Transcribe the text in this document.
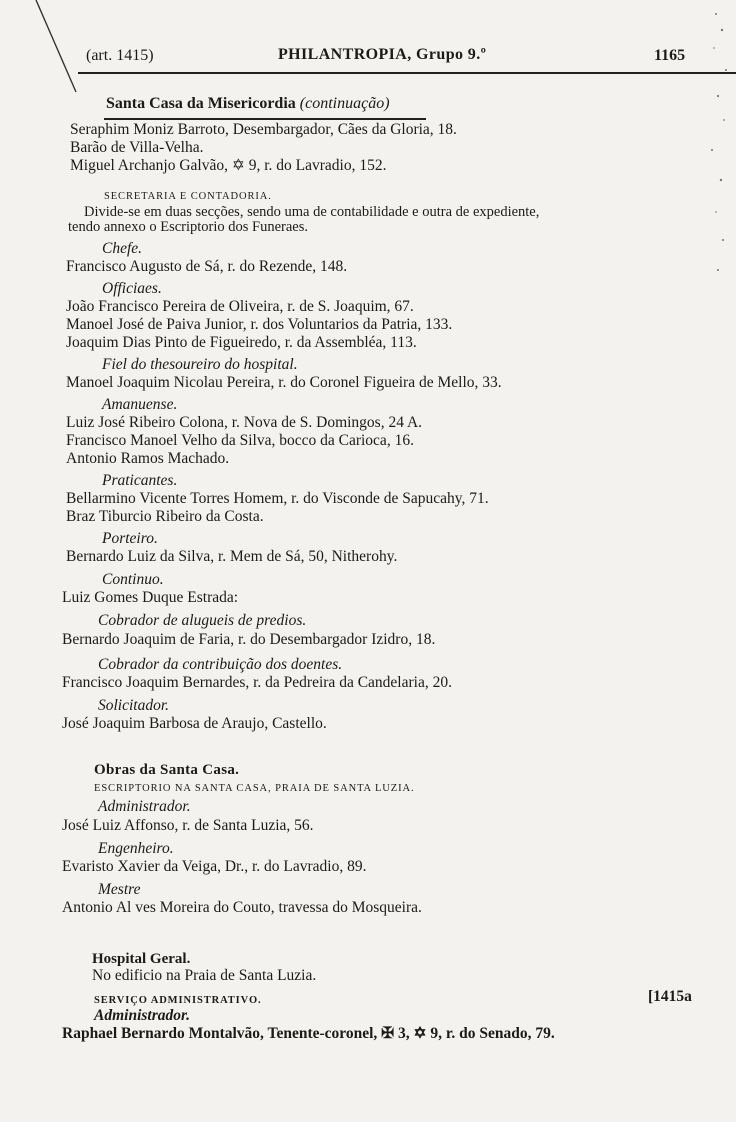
(art. 1415)	PHILANTROPIA, Grupo 9.º	1165
Santa Casa da Misericordia (continuação)
Seraphim Moniz Barroto, Desembargador, Cães da Gloria, 18.
Barão de Villa-Velha.
Miguel Archanjo Galvão, ✡ 9, r. do Lavradio, 152.
SECRETARIA E CONTADORIA.
Divide-se em duas secções, sendo uma de contabilidade e outra de expediente,
tendo annexo o Escriptorio dos Funeraes.
Chefe.
Francisco Augusto de Sá, r. do Rezende, 148.
Officiaes.
João Francisco Pereira de Oliveira, r. de S. Joaquim, 67.
Manoel José de Paiva Junior, r. dos Voluntarios da Patria, 133.
Joaquim Dias Pinto de Figueiredo, r. da Assembléa, 113.
Fiel do thesoureiro do hospital.
Manoel Joaquim Nicolau Pereira, r. do Coronel Figueira de Mello, 33.
Amanuense.
Luiz José Ribeiro Colona, r. Nova de S. Domingos, 24 A.
Francisco Manoel Velho da Silva, bocco da Carioca, 16.
Antonio Ramos Machado.
Praticantes.
Bellarmino Vicente Torres Homem, r. do Visconde de Sapucahy, 71.
Braz Tiburcio Ribeiro da Costa.
Porteiro.
Bernardo Luiz da Silva, r. Mem de Sá, 50, Nitherohy.
Continuo.
Luiz Gomes Duque Estrada:
Cobrador de alugueis de predios.
Bernardo Joaquim de Faria, r. do Desembargador Izidro, 18.
Cobrador da contribuição dos doentes.
Francisco Joaquim Bernardes, r. da Pedreira da Candelaria, 20.
Solicitador.
José Joaquim Barbosa de Araujo, Castello.
Obras da Santa Casa.
ESCRIPTORIO NA SANTA CASA, PRAIA DE SANTA LUZIA.
Administrador.
José Luiz Affonso, r. de Santa Luzia, 56.
Engenheiro.
Evaristo Xavier da Veiga, Dr., r. do Lavradio, 89.
Mestre
Antonio Al ves Moreira do Couto, travessa do Mosqueira.
Hospital Geral.
No edificio na Praia de Santa Luzia.
SERVIÇO ADMINISTRATIVO.	[1415a
Administrador.
Raphael Bernardo Montalvão, Tenente-coronel, ✠ 3, ✡ 9, r. do Senado, 79.
